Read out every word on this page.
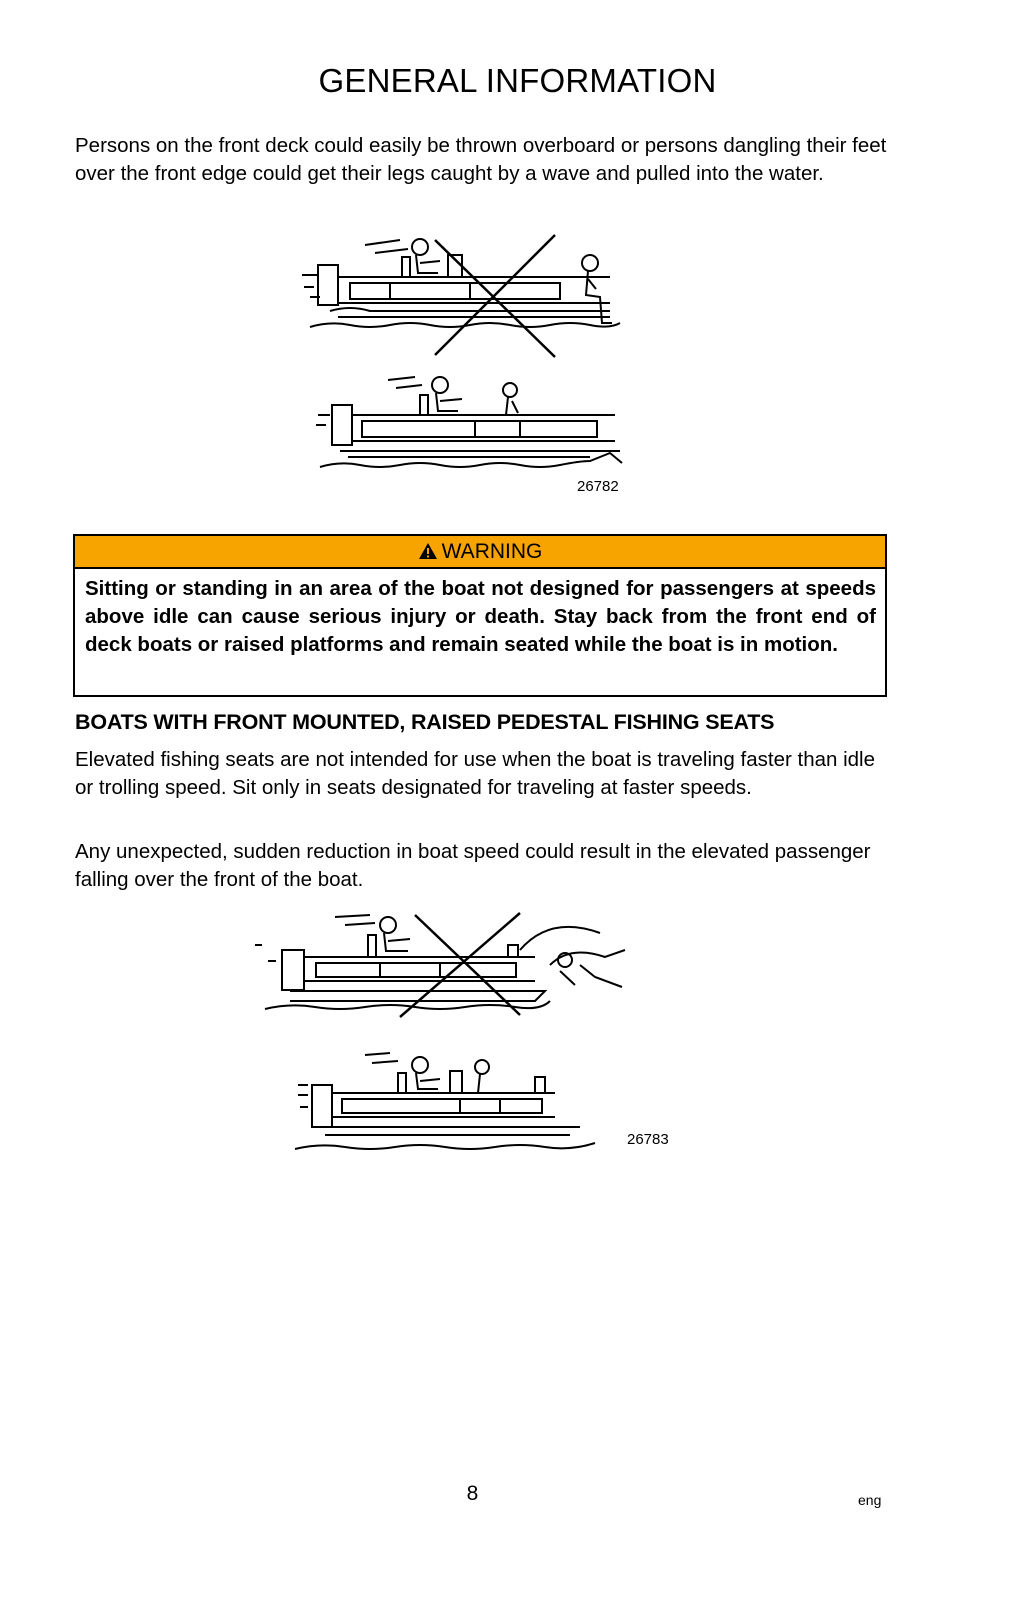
GENERAL INFORMATION
Persons on the front deck could easily be thrown overboard or persons dangling their feet over the front edge could get their legs caught by a wave and pulled into the water.
26782
WARNING
Sitting or standing in an area of the boat not designed for passengers at speeds above idle can cause serious injury or death. Stay back from the front end of deck boats or raised platforms and remain seated while the boat is in motion.
BOATS WITH FRONT MOUNTED, RAISED PEDESTAL FISHING SEATS
Elevated fishing seats are not intended for use when the boat is traveling faster than idle or trolling speed. Sit only in seats designated for traveling at faster speeds.
Any unexpected, sudden reduction in boat speed could result in the elevated passenger falling over the front of the boat.
26783
8	eng
